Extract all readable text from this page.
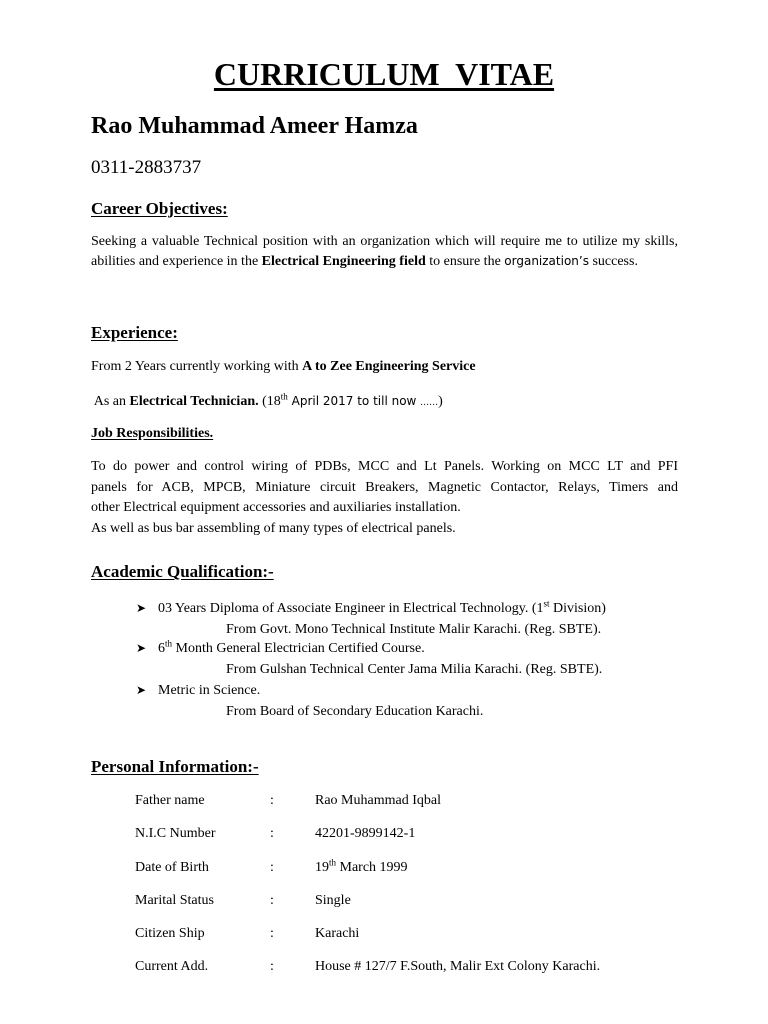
CURRICULUM VITAE
Rao Muhammad Ameer Hamza
0311-2883737
Career Objectives:
Seeking a valuable Technical position with an organization which will require me to utilize my skills, abilities and experience in the Electrical Engineering field to ensure the organization’s success.
Experience:
From 2 Years currently working with A to Zee Engineering Service
As an Electrical Technician. (18th April 2017 to till now ……)
Job Responsibilities.
To do power and control wiring of PDBs, MCC and Lt Panels. Working on MCC LT and PFI
panels for ACB, MPCB, Miniature circuit Breakers, Magnetic Contactor, Relays, Timers and
other Electrical equipment accessories and auxiliaries installation.
As well as bus bar assembling of many types of electrical panels.
Academic Qualification:-
➤ 03 Years Diploma of Associate Engineer in Electrical Technology. (1st Division)
From Govt. Mono Technical Institute Malir Karachi. (Reg. SBTE).
➤ 6th Month General Electrician Certified Course.
From Gulshan Technical Center Jama Milia Karachi. (Reg. SBTE).
➤ Metric in Science.
From Board of Secondary Education Karachi.
Personal Information:-
Father name	:	Rao Muhammad Iqbal
N.I.C Number	:	42201-9899142-1
Date of Birth	:	19th March 1999
Marital Status	:	Single
Citizen Ship	:	Karachi
Current Add.	:	House # 127/7 F.South, Malir Ext Colony Karachi.
